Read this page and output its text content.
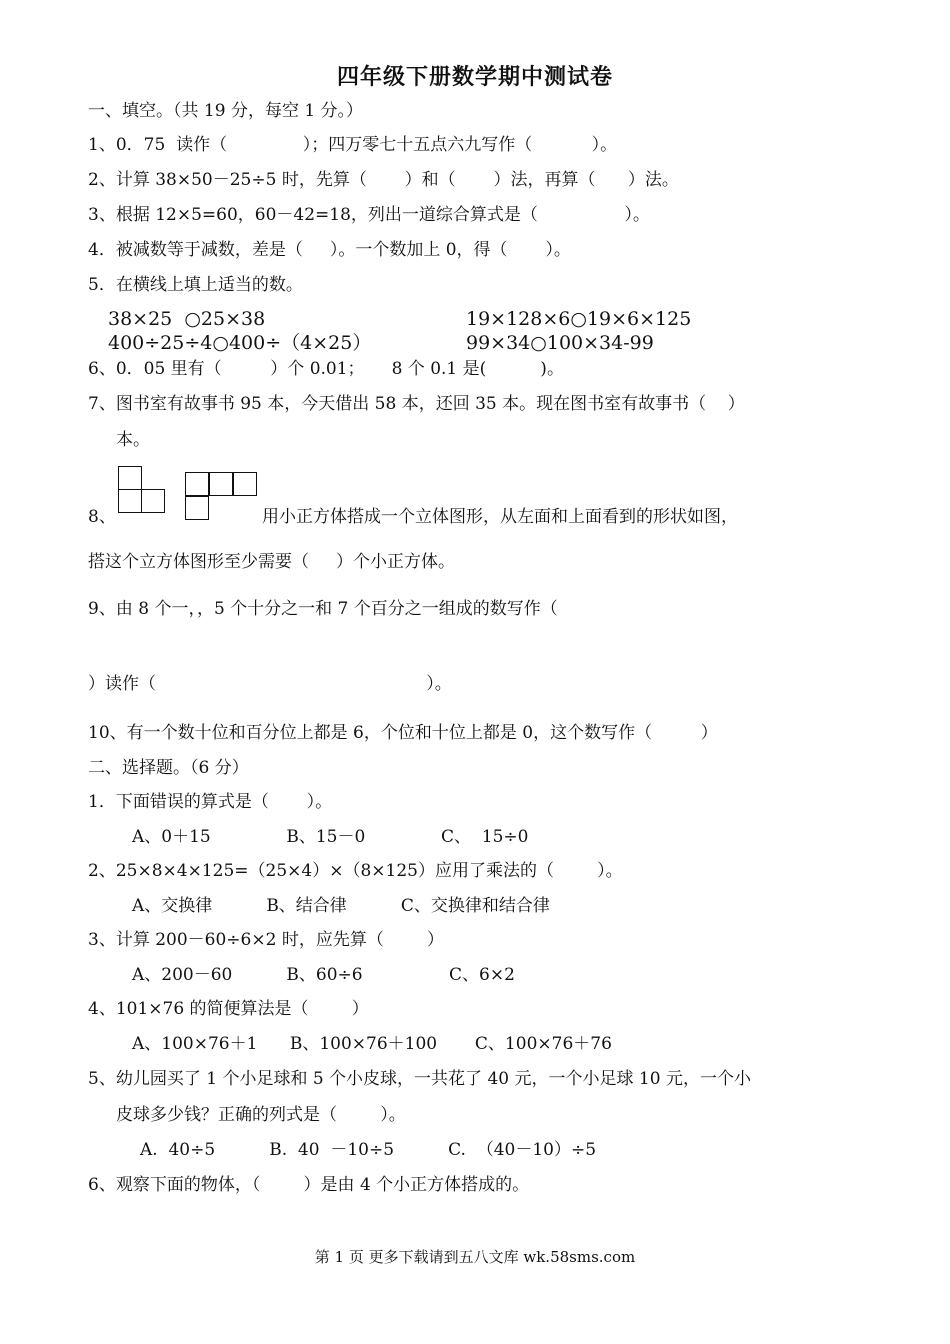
四年级下册数学期中测试卷
一、填空。（共 19 分，每空 1 分。）
1、0．75  读作（              ）；四万零七十五点六九写作（           ）。
2、计算 38×50－25÷5 时，先算（       ）和（       ）法，再算（      ）法。
3、根据 12×5=60，60－42=18，列出一道综合算式是（                ）。
4．被减数等于减数，差是（     ）。一个数加上 0，得（       ）。
5．在横线上填上适当的数。
38×25  ○25×38	19×128×6○19×6×125
400÷25÷4○400÷（4×25）	99×34○100×34-99
6、0．05 里有（         ）个 0.01；     8 个 0.1 是(          )。
7、图书室有故事书 95 本，今天借出 58 本，还回 35 本。现在图书室有故事书（    ）
本。
8、	用小正方体搭成一个立体图形，从左面和上面看到的形状如图，
搭这个立方体图形至少需要（     ）个小正方体。
9、由 8 个一，，5 个十分之一和 7 个百分之一组成的数写作（
）读作（                                                  ）。
10、有一个数十位和百分位上都是 6，个位和十位上都是 0，这个数写作（         ）
二、选择题。（6 分）
1．下面错误的算式是（       ）。
A、0＋15              B、15－0              C、  15÷0
2、25×8×4×125=（25×4）×（8×125）应用了乘法的（        ）。
A、交换律          B、结合律          C、交换律和结合律
3、计算 200－60÷6×2 时，应先算（        ）
A、200－60          B、60÷6                C、6×2
4、101×76 的简便算法是（        ）
A、100×76＋1      B、100×76＋100       C、100×76＋76
5、幼儿园买了 1 个小足球和 5 个小皮球，一共花了 40 元，一个小足球 10 元，一个小
皮球多少钱？正确的列式是（        ）。
A.  40÷5          B.  40  －10÷5          C.  （40－10）÷5
6、观察下面的物体，（        ）是由 4 个小正方体搭成的。
第 1 页 更多下载请到五八文库 wk.58sms.com
